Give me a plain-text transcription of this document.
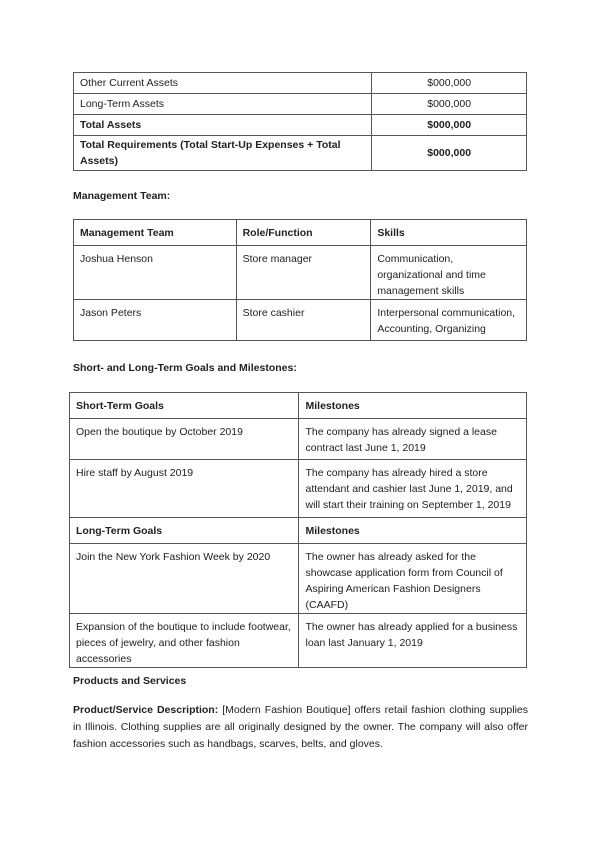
Other Current Assets	$000,000
Long-Term Assets	$000,000
Total Assets	$000,000
Total Requirements (Total Start-Up Expenses + Total Assets)	$000,000
Management Team:
Management Team	Role/Function	Skills
Joshua Henson	Store manager	Communication, organizational and time management skills
Jason Peters	Store cashier	Interpersonal communication, Accounting, Organizing
Short- and Long-Term Goals and Milestones:
Short-Term Goals	Milestones
Open the boutique by October 2019	The company has already signed a lease contract last June 1, 2019
Hire staff by August 2019	The company has already hired a store attendant and cashier last June 1, 2019, and will start their training on September 1, 2019
Long-Term Goals	Milestones
Join the New York Fashion Week by 2020	The owner has already asked for the showcase application form from Council of Aspiring American Fashion Designers (CAAFD)
Expansion of the boutique to include footwear, pieces of jewelry, and other fashion accessories	The owner has already applied for a business loan last January 1, 2019
Products and Services
Product/Service Description: [Modern Fashion Boutique] offers retail fashion clothing supplies in Illinois. Clothing supplies are all originally designed by the owner. The company will also offer fashion accessories such as handbags, scarves, belts, and gloves.
